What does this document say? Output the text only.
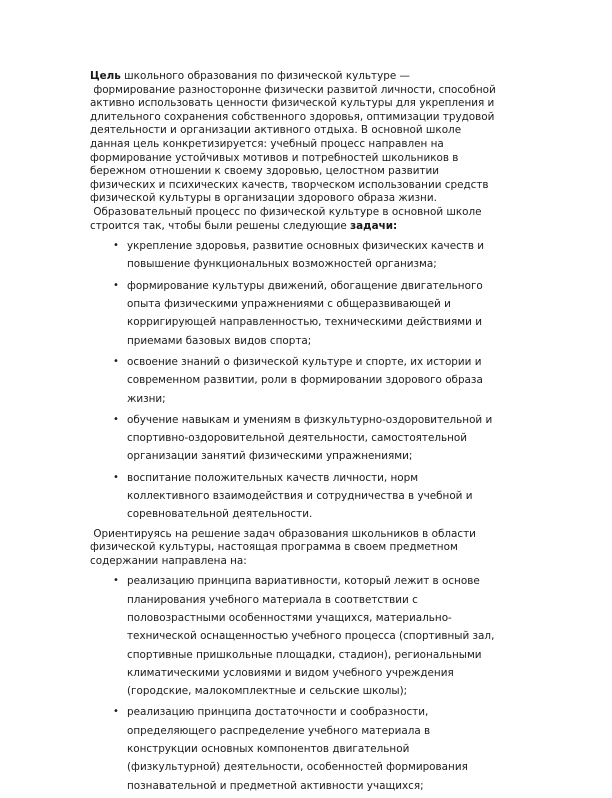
Цель школьного образования по физической культуре —
формирование разносторонне физически развитой личности, способной
активно использовать ценности физической культуры для укрепления и
длительного сохранения собственного здоровья, оптимизации трудовой
деятельности и организации активного отдыха. В основной школе
данная цель конкретизируется: учебный процесс направлен на
формирование устойчивых мотивов и потребностей школьников в
бережном отношении к своему здоровью, целостном развитии
физических и психических качеств, творческом использовании средств
физической культуры в организации здорового образа жизни.

Образовательный процесс по физической культуре в основной школе
строится так, чтобы были решены следующие задачи:

• укрепление здоровья, развитие основных физических качеств и
повышение функциональных возможностей организма;
• формирование культуры движений, обогащение двигательного
опыта физическими упражнениями с общеразвивающей и
корригирующей направленностью, техническими действиями и
приемами базовых видов спорта;
• освоение знаний о физической культуре и спорте, их истории и
современном развитии, роли в формировании здорового образа
жизни;
• обучение навыкам и умениям в физкультурно-оздоровительной и
спортивно-оздоровительной деятельности, самостоятельной
организации занятий физическими упражнениями;
• воспитание положительных качеств личности, норм
коллективного взаимодействия и сотрудничества в учебной и
соревновательной деятельности.

Ориентируясь на решение задач образования школьников в области
физической культуры, настоящая программа в своем предметном
содержании направлена на:

• реализацию принципа вариативности, который лежит в основе
планирования учебного материала в соответствии с
половозрастными особенностями учащихся, материально-
технической оснащенностью учебного процесса (спортивный зал,
спортивные пришкольные площадки, стадион), региональными
климатическими условиями и видом учебного учреждения
(городские, малокомплектные и сельские школы);
• реализацию принципа достаточности и сообразности,
определяющего распределение учебного материала в
конструкции основных компонентов двигательной
(физкультурной) деятельности, особенностей формирования
познавательной и предметной активности учащихся;
